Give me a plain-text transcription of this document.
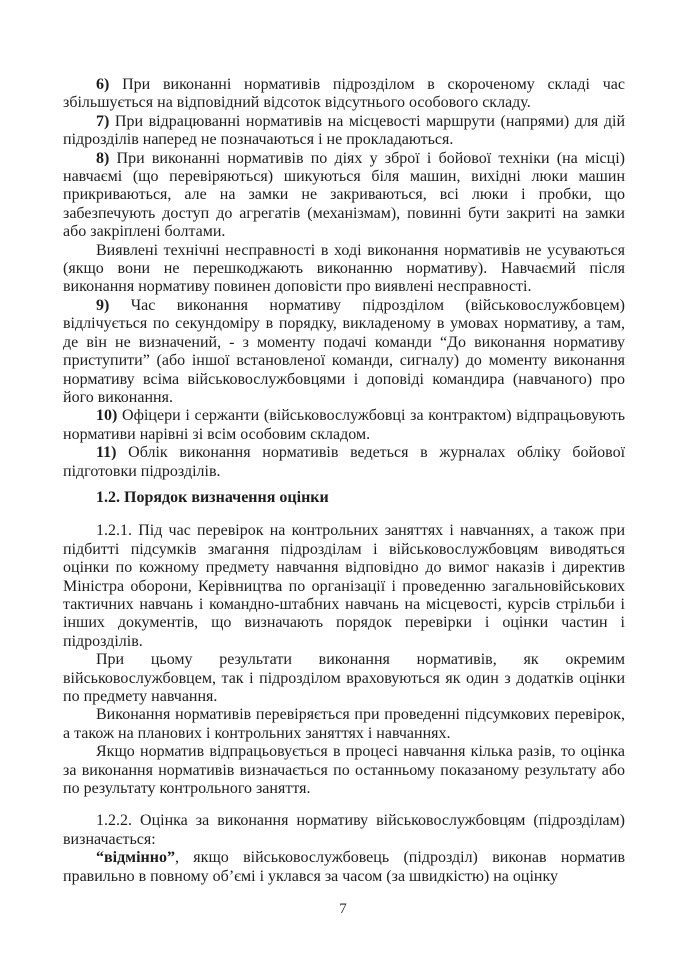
6) При виконанні нормативів підрозділом в скороченому складі час збільшується на відповідний відсоток відсутнього особового складу.

7) При відрацюванні нормативів на місцевості маршрути (напрями) для дій підрозділів наперед не позначаються і не прокладаються.

8) При виконанні нормативів по діях у зброї і бойової техніки (на місці) навчаємі (що перевіряються) шикуються біля машин, вихідні люки машин прикриваються, але на замки не закриваються, всі люки і пробки, що забезпечують доступ до агрегатів (механізмам), повинні бути закриті на замки або закріплені болтами.

Виявлені технічні несправності в ході виконання нормативів не усуваються (якщо вони не перешкоджають виконанню нормативу). Навчаємий після виконання нормативу повинен доповісти про виявлені несправності.

9) Час виконання нормативу підрозділом (військовослужбовцем) відлічується по секундоміру в порядку, викладеному в умовах нормативу, а там, де він не визначений, - з моменту подачі команди “До виконання нормативу приступити” (або іншої встановленої команди, сигналу) до моменту виконання нормативу всіма військовослужбовцями і доповіді командира (навчаного) про його виконання.

10) Офіцери і сержанти (військовослужбовці за контрактом) відпрацьовують нормативи нарівні зі всім особовим складом.

11) Облік виконання нормативів ведеться в журналах обліку бойової підготовки підрозділів.

1.2. Порядок визначення оцінки

1.2.1. Під час перевірок на контрольних заняттях і навчаннях, а також при підбитті підсумків змагання підрозділам і військовослужбовцям виводяться оцінки по кожному предмету навчання відповідно до вимог наказів і директив Міністра оборони, Керівництва по організації і проведенню загальновійськових тактичних навчань і командно-штабних навчань на місцевості, курсів стрільби і інших документів, що визначають порядок перевірки і оцінки частин і підрозділів.

При цьому результати виконання нормативів, як окремим військовослужбовцем, так і підрозділом враховуються як один з додатків оцінки по предмету навчання.

Виконання нормативів перевіряється при проведенні підсумкових перевірок, а також на планових і контрольних заняттях і навчаннях.

Якщо норматив відпрацьовується в процесі навчання кілька разів, то оцінка за виконання нормативів визначається по останньому показаному результату або по результату контрольного заняття.

1.2.2. Оцінка за виконання нормативу військовослужбовцям (підрозділам) визначається:

“відмінно”, якщо військовослужбовець (підрозділ) виконав норматив правильно в повному об’ємі і уклався за часом (за швидкістю) на оцінку

7
